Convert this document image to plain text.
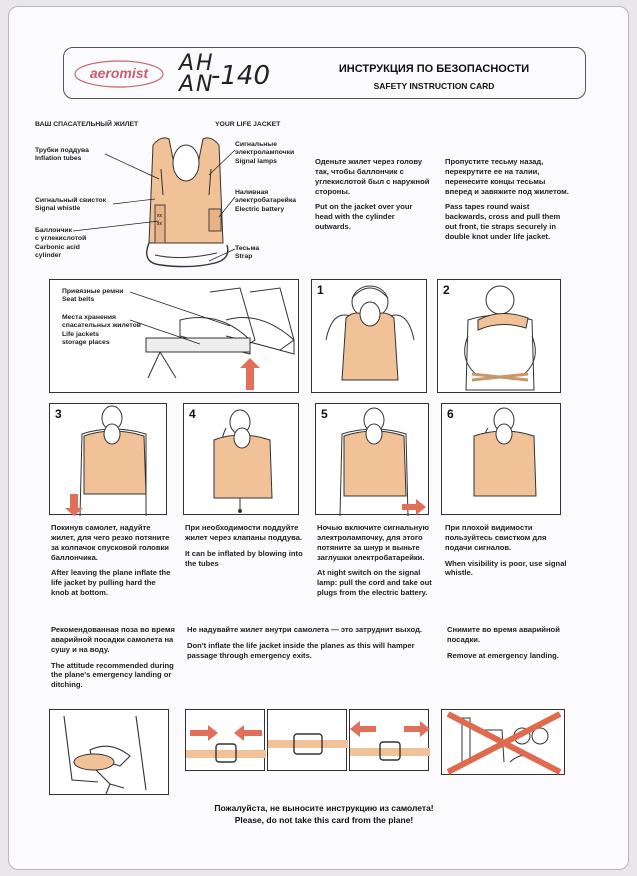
aeromist	АН
AN
-140	ИНСТРУКЦИЯ ПО БЕЗОПАСНОСТИ
SAFETY INSTRUCTION CARD
ВАШ СПАСАТЕЛЬНЫЙ ЖИЛЕТ	YOUR LIFE JACKET
xx
xx
Трубки поддува
Inflation tubes
Сигнальный свисток
Signal whistle
Баллончик
с углекислотой
Carbonic acid
cylinder
Сигнальные
электролампочки
Signal lamps
Наливная
электробатарейка
Electric battery
Тесьма
Strap

Оденьте жилет через голову так, чтобы баллончик с углекислотой был с наружной стороны.

Put on the jacket over your head with the cylinder outwards.

Пропустите тесьму назад, перекрутите ее на талии, перенесите концы тесьмы вперед и завяжите под жилетом.

Pass tapes round waist backwards, cross and pull them out front, tie straps securely in double knot under life jacket.

Привязные ремни
Seat belts
Места хранения
спасательных жилетов
Life jackets
storage places
1	2
3	4	5	6

Покинув самолет, надуйте жилет, для чего резко потяните за колпачок спусковой головки баллончика.

After leaving the plane inflate the life jacket by pulling hard the knob at bottom.

При необходимости поддуйте жилет через клапаны поддува.

It can be inflated by blowing into the tubes

Ночью включите сигнальную электролампочку, для этого потяните за шнур и выньте заглушки электробатарейки.

At night switch on the signal lamp: pull the cord and take out plugs from the electric battery.

При плохой видимости пользуйтесь свистком для подачи сигналов.

When visibility is poor, use signal whistle.

Рекомендованная поза во время аварийной посадки самолета на сушу и на воду.

The attitude recommended during the plane's emergency landing or ditching.

Не надувайте жилет внутри самолета — это затруднит выход.

Don't inflate the life jacket inside the planes as this will hamper passage through emergency exits.

Снимите во время аварийной посадки.

Remove at emergency landing.

Пожалуйста, не выносите инструкцию из самолета!
Please, do not take this card from the plane!
